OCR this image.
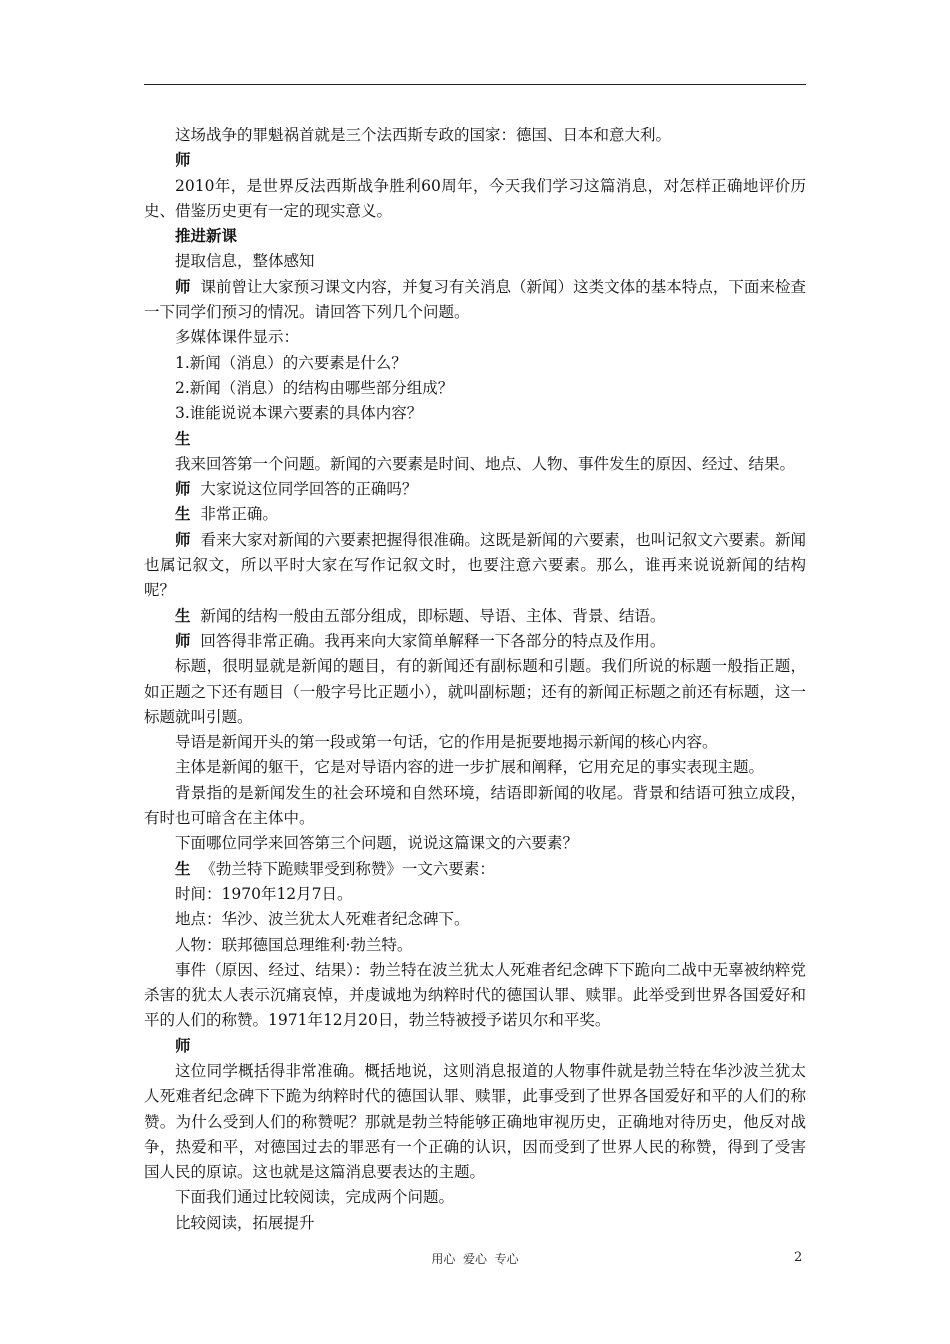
这场战争的罪魁祸首就是三个法西斯专政的国家：德国、日本和意大利。

师

2010年，是世界反法西斯战争胜利60周年，今天我们学习这篇消息，对怎样正确地评价历史、借鉴历史更有一定的现实意义。

推进新课

提取信息，整体感知

师 课前曾让大家预习课文内容，并复习有关消息（新闻）这类文体的基本特点，下面来检查一下同学们预习的情况。请回答下列几个问题。

多媒体课件显示：

1.新闻（消息）的六要素是什么？

2.新闻（消息）的结构由哪些部分组成？

3.谁能说说本课六要素的具体内容？

生

我来回答第一个问题。新闻的六要素是时间、地点、人物、事件发生的原因、经过、结果。

师 大家说这位同学回答的正确吗？

生 非常正确。

师 看来大家对新闻的六要素把握得很准确。这既是新闻的六要素，也叫记叙文六要素。新闻也属记叙文，所以平时大家在写作记叙文时，也要注意六要素。那么，谁再来说说新闻的结构呢？

生 新闻的结构一般由五部分组成，即标题、导语、主体、背景、结语。

师 回答得非常正确。我再来向大家简单解释一下各部分的特点及作用。

标题，很明显就是新闻的题目，有的新闻还有副标题和引题。我们所说的标题一般指正题，如正题之下还有题目（一般字号比正题小），就叫副标题；还有的新闻正标题之前还有标题，这一标题就叫引题。

导语是新闻开头的第一段或第一句话，它的作用是扼要地揭示新闻的核心内容。

主体是新闻的躯干，它是对导语内容的进一步扩展和阐释，它用充足的事实表现主题。

背景指的是新闻发生的社会环境和自然环境，结语即新闻的收尾。背景和结语可独立成段，有时也可暗含在主体中。

下面哪位同学来回答第三个问题，说说这篇课文的六要素？

生 《勃兰特下跪赎罪受到称赞》一文六要素：

时间：1970年12月7日。

地点：华沙、波兰犹太人死难者纪念碑下。

人物：联邦德国总理维利·勃兰特。

事件（原因、经过、结果）：勃兰特在波兰犹太人死难者纪念碑下下跪向二战中无辜被纳粹党杀害的犹太人表示沉痛哀悼，并虔诚地为纳粹时代的德国认罪、赎罪。此举受到世界各国爱好和平的人们的称赞。1971年12月20日，勃兰特被授予诺贝尔和平奖。

师

这位同学概括得非常准确。概括地说，这则消息报道的人物事件就是勃兰特在华沙波兰犹太人死难者纪念碑下下跪为纳粹时代的德国认罪、赎罪，此事受到了世界各国爱好和平的人们的称赞。为什么受到人们的称赞呢？那就是勃兰特能够正确地审视历史，正确地对待历史，他反对战争，热爱和平，对德国过去的罪恶有一个正确的认识，因而受到了世界人民的称赞，得到了受害国人民的原谅。这也就是这篇消息要表达的主题。

下面我们通过比较阅读，完成两个问题。

比较阅读，拓展提升

用心  爱心  专心	2
